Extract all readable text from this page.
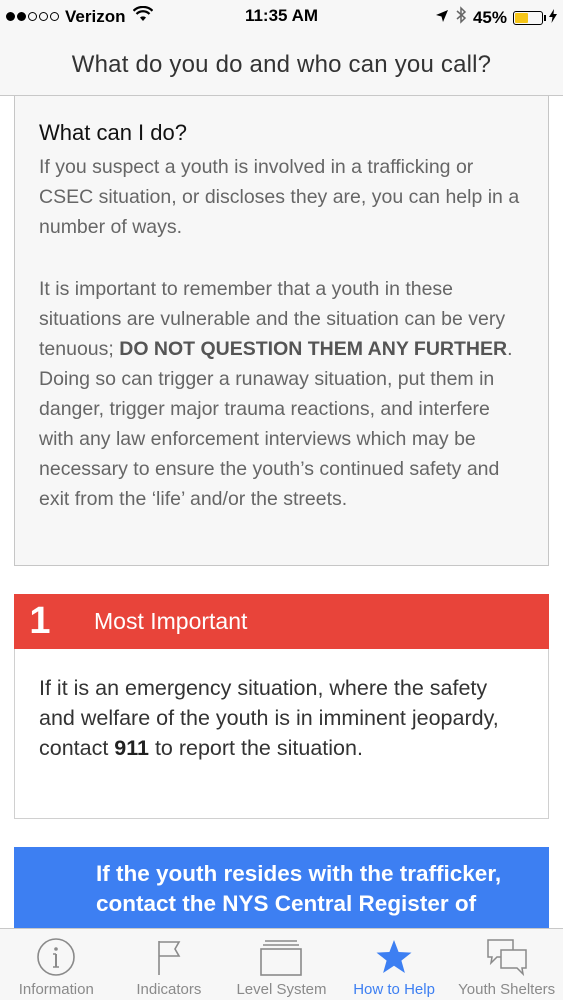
Verizon	11:35 AM	45%
What do you do and who can you call?
What can I do?

If you suspect a youth is involved in a trafficking or CSEC situation, or discloses they are, you can help in a number of ways.

It is important to remember that a youth in these situations are vulnerable and the situation can be very tenuous; DO NOT QUESTION THEM ANY FURTHER. Doing so can trigger a runaway situation, put them in danger, trigger major trauma reactions, and interfere with any law enforcement interviews which may be necessary to ensure the youth’s continued safety and exit from the ‘life’ and/or the streets.

1	Most Important

If it is an emergency situation, where the safety and welfare of the youth is in imminent jeopardy, contact 911 to report the situation.

If the youth resides with the trafficker, contact the NYS Central Register of

Information	Indicators Level System How to Help Youth Shelters
